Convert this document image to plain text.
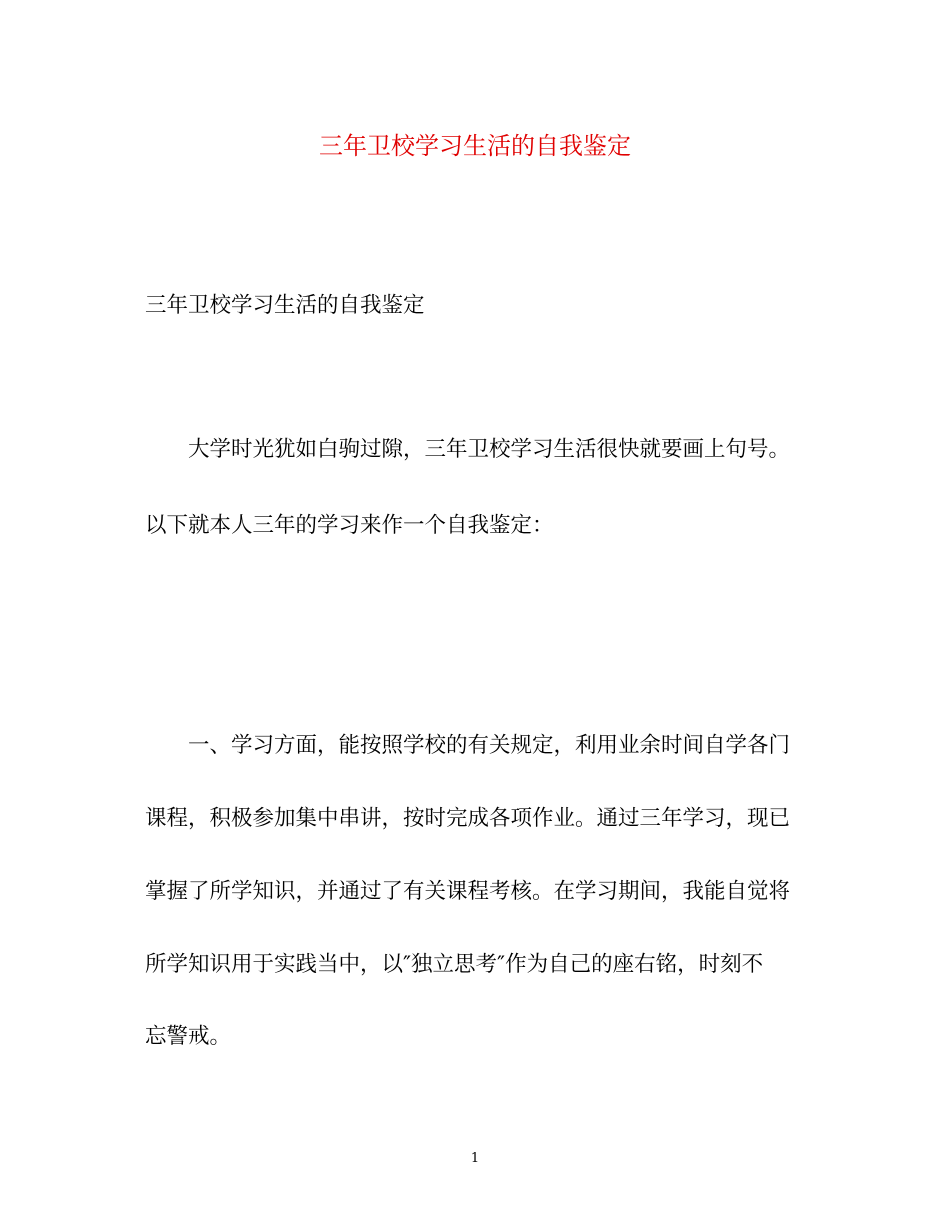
三年卫校学习生活的自我鉴定
三年卫校学习生活的自我鉴定
大学时光犹如白驹过隙，三年卫校学习生活很快就要画上句号。
以下就本人三年的学习来作一个自我鉴定：
一、学习方面，能按照学校的有关规定，利用业余时间自学各门
课程，积极参加集中串讲，按时完成各项作业。通过三年学习，现已
掌握了所学知识，并通过了有关课程考核。在学习期间，我能自觉将
所学知识用于实践当中，以″独立思考″作为自己的座右铭，时刻不
忘警戒。
1
